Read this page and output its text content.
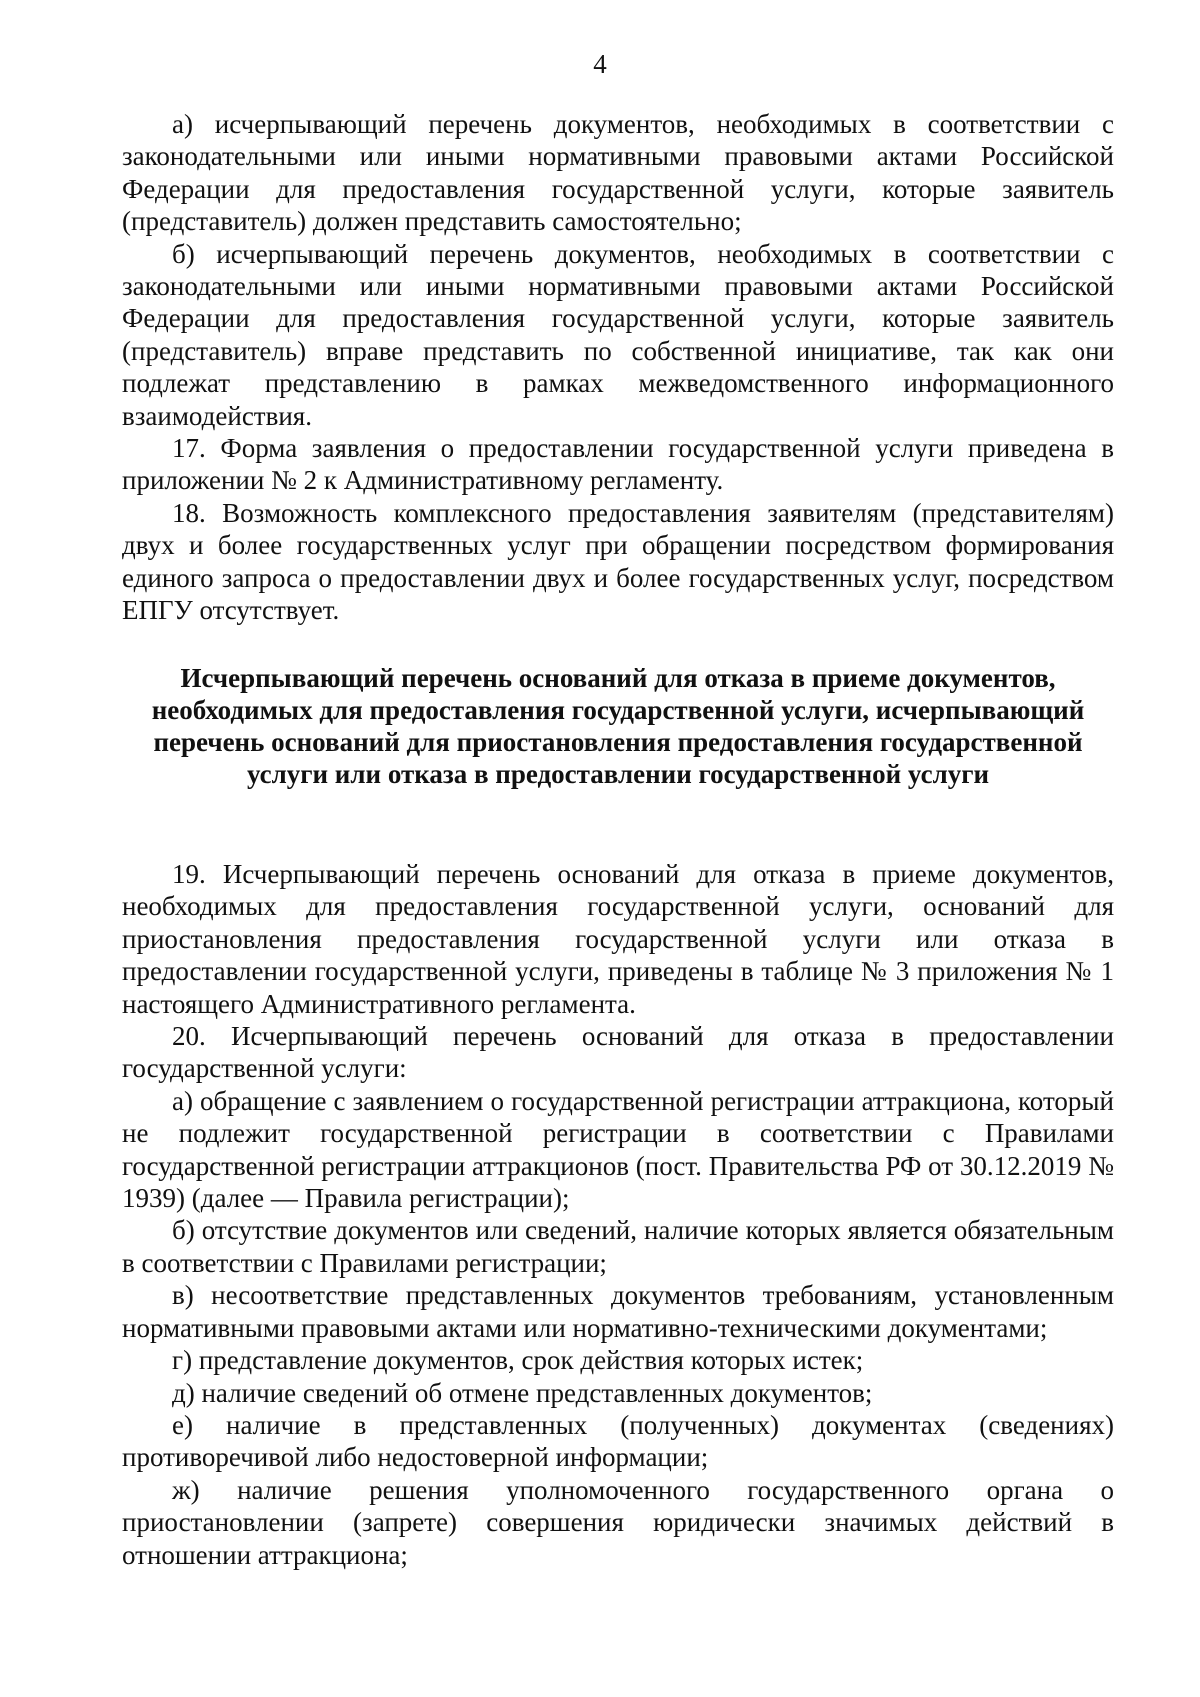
4

а) исчерпывающий перечень документов, необходимых в соответствии с законодательными или иными нормативными правовыми актами Российской Федерации для предоставления государственной услуги, которые заявитель (представитель) должен представить самостоятельно;

б) исчерпывающий перечень документов, необходимых в соответствии с законодательными или иными нормативными правовыми актами Российской Федерации для предоставления государственной услуги, которые заявитель (представитель) вправе представить по собственной инициативе, так как они подлежат представлению в рамках межведомственного информационного взаимодействия.

17. Форма заявления о предоставлении государственной услуги приведена в приложении № 2 к Административному регламенту.

18. Возможность комплексного предоставления заявителям (представителям) двух и более государственных услуг при обращении посредством формирования единого запроса о предоставлении двух и более государственных услуг, посредством ЕПГУ отсутствует.

Исчерпывающий перечень оснований для отказа в приеме документов, необходимых для предоставления государственной услуги, исчерпывающий перечень оснований для приостановления предоставления государственной услуги или отказа в предоставлении государственной услуги

19. Исчерпывающий перечень оснований для отказа в приеме документов, необходимых для предоставления государственной услуги, оснований для приостановления предоставления государственной услуги или отказа в предоставлении государственной услуги, приведены в таблице № 3 приложения № 1 настоящего Административного регламента.

20. Исчерпывающий перечень оснований для отказа в предоставлении государственной услуги:

а) обращение с заявлением о государственной регистрации аттракциона, который не подлежит государственной регистрации в соответствии с Правилами государственной регистрации аттракционов (пост. Правительства РФ от 30.12.2019 № 1939) (далее — Правила регистрации);

б) отсутствие документов или сведений, наличие которых является обязательным в соответствии с Правилами регистрации;

в) несоответствие представленных документов требованиям, установленным нормативными правовыми актами или нормативно-техническими документами;

г) представление документов, срок действия которых истек;

д) наличие сведений об отмене представленных документов;

е) наличие в представленных (полученных) документах (сведениях) противоречивой либо недостоверной информации;

ж) наличие решения уполномоченного государственного органа о приостановлении (запрете) совершения юридически значимых действий в отношении аттракциона;
